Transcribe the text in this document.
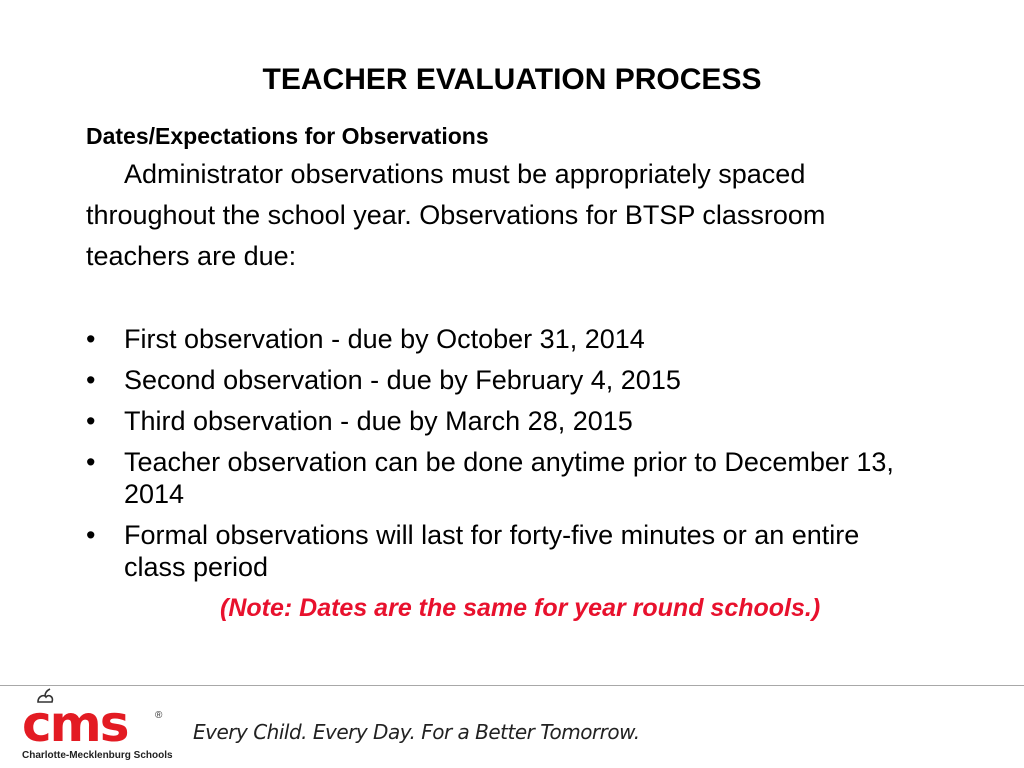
TEACHER EVALUATION PROCESS
Dates/Expectations for Observations
Administrator observations must be appropriately spaced
throughout the school year. Observations for BTSP classroom
teachers are due:
• First observation - due by October 31, 2014
• Second observation - due by February 4, 2015
• Third observation - due by March 28, 2015
• Teacher observation can be done anytime prior to December 13, 2014
• Formal observations will last for forty-five minutes or an entire class period
(Note: Dates are the same for year round schools.)
cms	®
Charlotte-Mecklenburg Schools
Every Child. Every Day. For a Better Tomorrow.
